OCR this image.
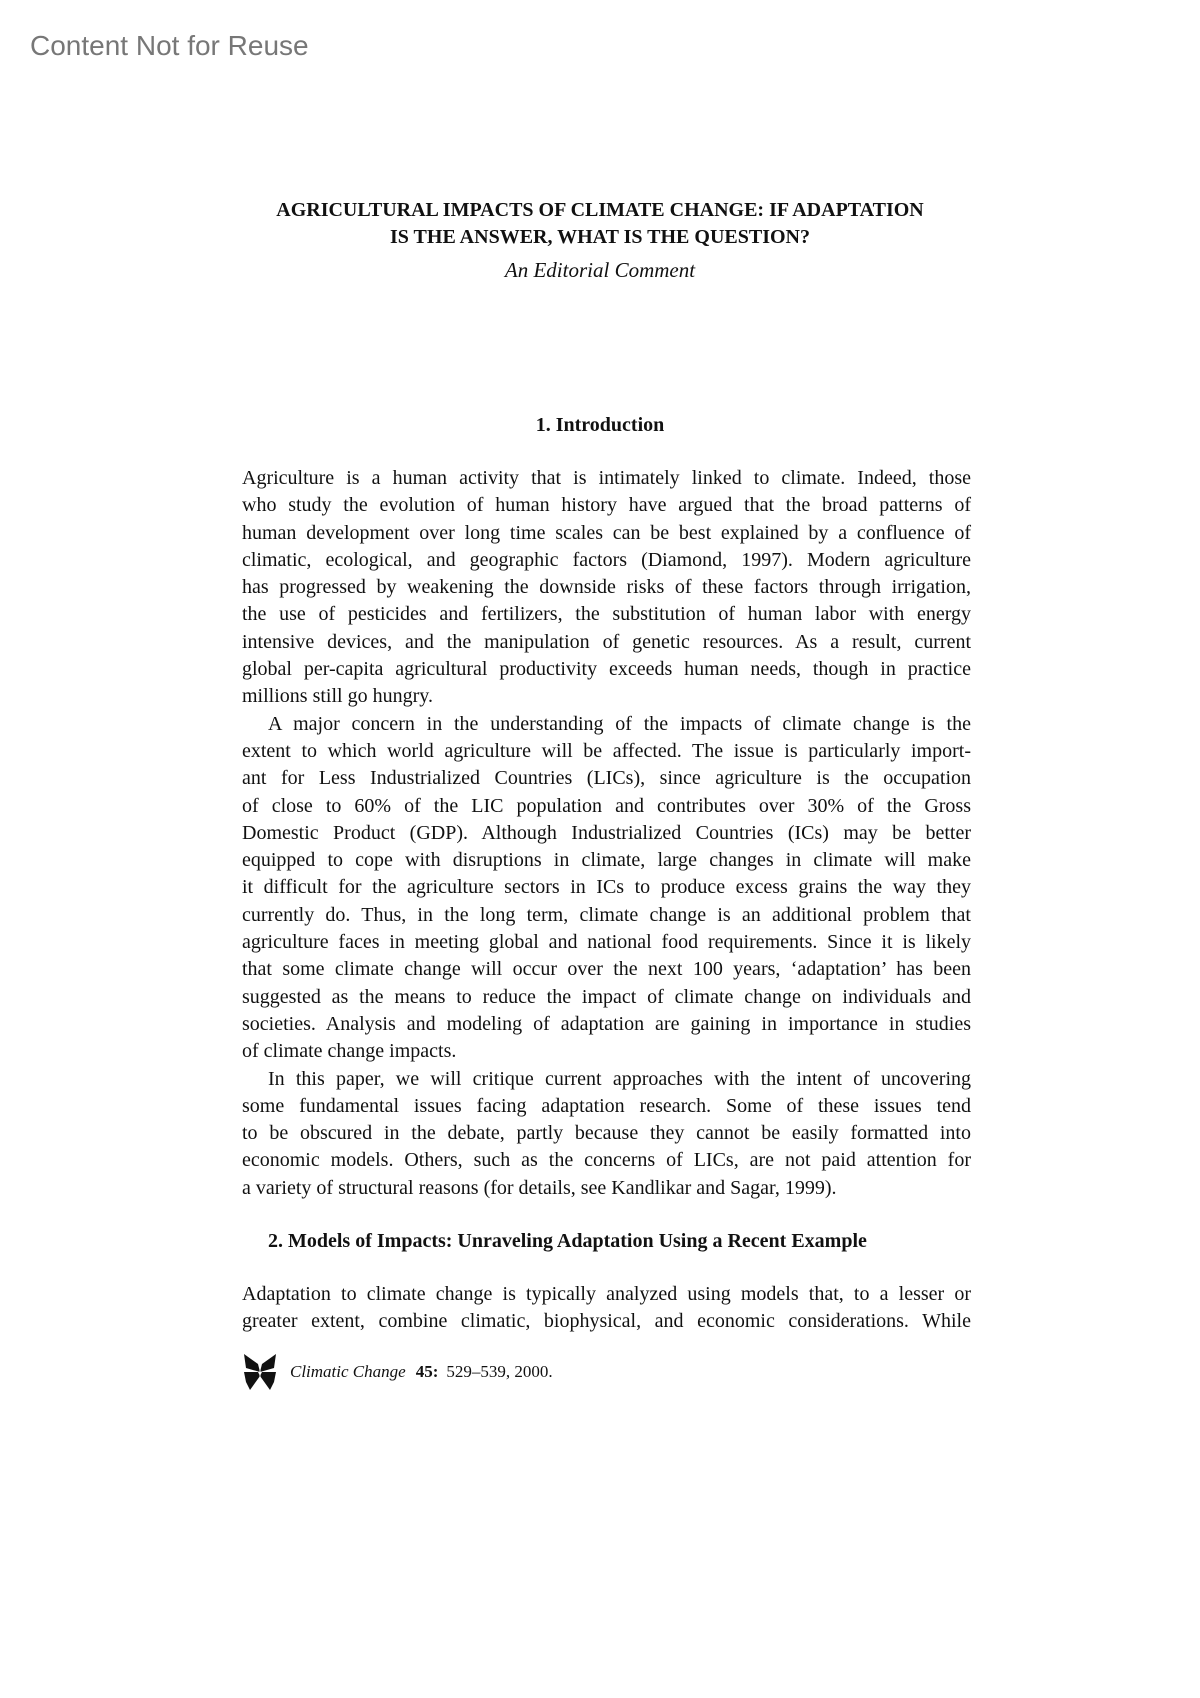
Content Not for Reuse
AGRICULTURAL IMPACTS OF CLIMATE CHANGE: IF ADAPTATION
IS THE ANSWER, WHAT IS THE QUESTION?
An Editorial Comment
1. Introduction
Agriculture is a human activity that is intimately linked to climate. Indeed, those
who study the evolution of human history have argued that the broad patterns of
human development over long time scales can be best explained by a confluence of
climatic, ecological, and geographic factors (Diamond, 1997). Modern agriculture
has progressed by weakening the downside risks of these factors through irrigation,
the use of pesticides and fertilizers, the substitution of human labor with energy
intensive devices, and the manipulation of genetic resources. As a result, current
global per-capita agricultural productivity exceeds human needs, though in practice
millions still go hungry.
A major concern in the understanding of the impacts of climate change is the
extent to which world agriculture will be affected. The issue is particularly import-
ant for Less Industrialized Countries (LICs), since agriculture is the occupation
of close to 60% of the LIC population and contributes over 30% of the Gross
Domestic Product (GDP). Although Industrialized Countries (ICs) may be better
equipped to cope with disruptions in climate, large changes in climate will make
it difficult for the agriculture sectors in ICs to produce excess grains the way they
currently do. Thus, in the long term, climate change is an additional problem that
agriculture faces in meeting global and national food requirements. Since it is likely
that some climate change will occur over the next 100 years, ‘adaptation’ has been
suggested as the means to reduce the impact of climate change on individuals and
societies. Analysis and modeling of adaptation are gaining in importance in studies
of climate change impacts.
In this paper, we will critique current approaches with the intent of uncovering
some fundamental issues facing adaptation research. Some of these issues tend
to be obscured in the debate, partly because they cannot be easily formatted into
economic models. Others, such as the concerns of LICs, are not paid attention for
a variety of structural reasons (for details, see Kandlikar and Sagar, 1999).
2. Models of Impacts: Unraveling Adaptation Using a Recent Example
Adaptation to climate change is typically analyzed using models that, to a lesser or
greater extent, combine climatic, biophysical, and economic considerations. While
Climatic Change 45: 529–539, 2000.
